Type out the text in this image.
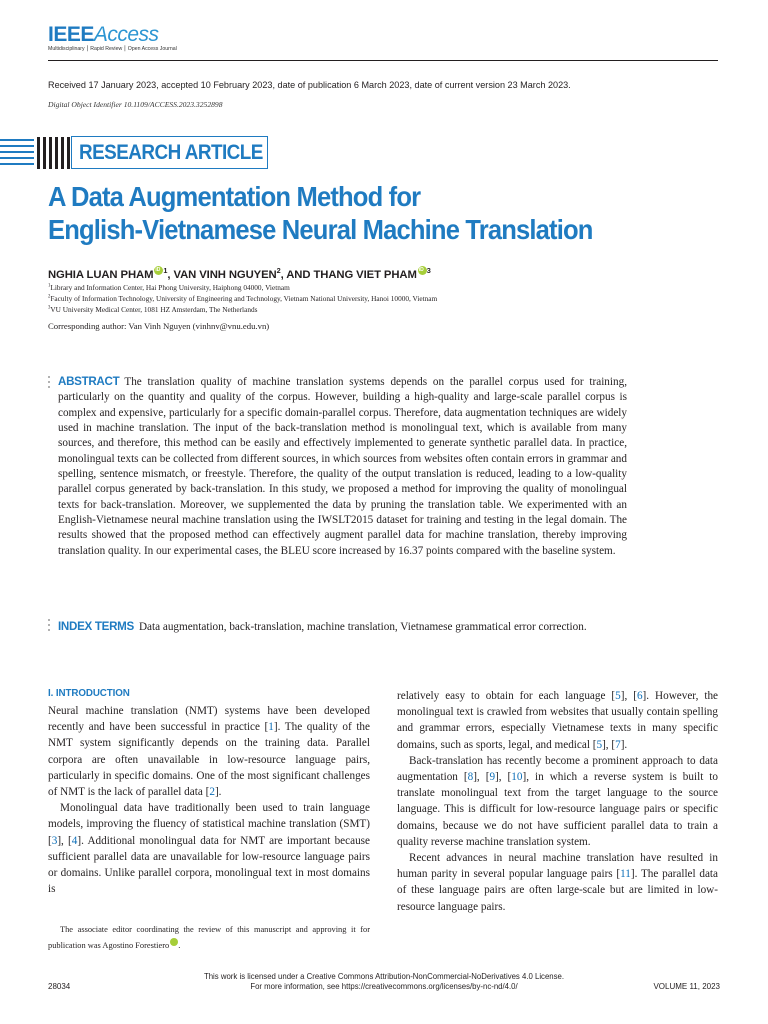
IEEEAccess
Multidisciplinary ⎮ Rapid Review ⎮ Open Access Journal
Received 17 January 2023, accepted 10 February 2023, date of publication 6 March 2023, date of current version 23 March 2023.
Digital Object Identifier 10.1109/ACCESS.2023.3252898
RESEARCH ARTICLE
A Data Augmentation Method for
English-Vietnamese Neural Machine Translation
NGHIA LUAN PHAM iD $^1$, VAN VINH NGUYEN$^2$, AND THANG VIET PHAM iD $^3$
$^1$Library and Information Center, Hai Phong University, Haiphong 04000, Vietnam
$^2$Faculty of Information Technology, University of Engineering and Technology, Vietnam National University, Hanoi 10000, Vietnam
$^3$VU University Medical Center, 1081 HZ Amsterdam, The Netherlands
Corresponding author: Van Vinh Nguyen (vinhnv@vnu.edu.vn)
ABSTRACT The translation quality of machine translation systems depends on the parallel corpus used for training, particularly on the quantity and quality of the corpus. However, building a high-quality and large-scale parallel corpus is complex and expensive, particularly for a specific domain-parallel corpus. Therefore, data augmentation techniques are widely used in machine translation. The input of the back-translation method is monolingual text, which is available from many sources, and therefore, this method can be easily and effectively implemented to generate synthetic parallel data. In practice, monolingual texts can be collected from different sources, in which sources from websites often contain errors in grammar and spelling, sentence mismatch, or freestyle. Therefore, the quality of the output translation is reduced, leading to a low-quality parallel corpus generated by back-translation. In this study, we proposed a method for improving the quality of monolingual texts for back-translation. Moreover, we supplemented the data by pruning the translation table. We experimented with an English-Vietnamese neural machine translation using the IWSLT2015 dataset for training and testing in the legal domain. The results showed that the proposed method can effectively augment parallel data for machine translation, thereby improving translation quality. In our experimental cases, the BLEU score increased by 16.37 points compared with the baseline system.
INDEX TERMS Data augmentation, back-translation, machine translation, Vietnamese grammatical error correction.
I. INTRODUCTION

Neural machine translation (NMT) systems have been developed recently and have been successful in practice [1]. The quality of the NMT system significantly depends on the training data. Parallel corpora are often unavailable in low-resource language pairs, particularly in specific domains. One of the most significant challenges of NMT is the lack of parallel data [2].

Monolingual data have traditionally been used to train language models, improving the fluency of statistical machine translation (SMT) [3], [4]. Additional monolingual data for NMT are important because sufficient parallel data are unavailable for low-resource language pairs or domains. Unlike parallel corpora, monolingual text in most domains is

The associate editor coordinating the review of this manuscript and approving it for publication was Agostino ForestieroiD

relatively easy to obtain for each language [5], [6]. However, the monolingual text is crawled from websites that usually contain spelling and grammar errors, especially Vietnamese texts in many specific domains, such as sports, legal, and medical [5], [7].

Back-translation has recently become a prominent approach to data augmentation [8], [9], [10], in which a reverse system is built to translate monolingual text from the target language to the source language. This is difficult for low-resource language pairs or specific domains, because we do not have sufficient parallel data to train a quality reverse machine translation system.

Recent advances in neural machine translation have resulted in human parity in several popular language pairs [11]. The parallel data of these language pairs are often large-scale but are limited in low-resource language pairs.

This work is licensed under a Creative Commons Attribution-NonCommercial-NoDerivatives 4.0 License.
For more information, see https://creativecommons.org/licenses/by-nc-nd/4.0/
28034	VOLUME 11, 2023
